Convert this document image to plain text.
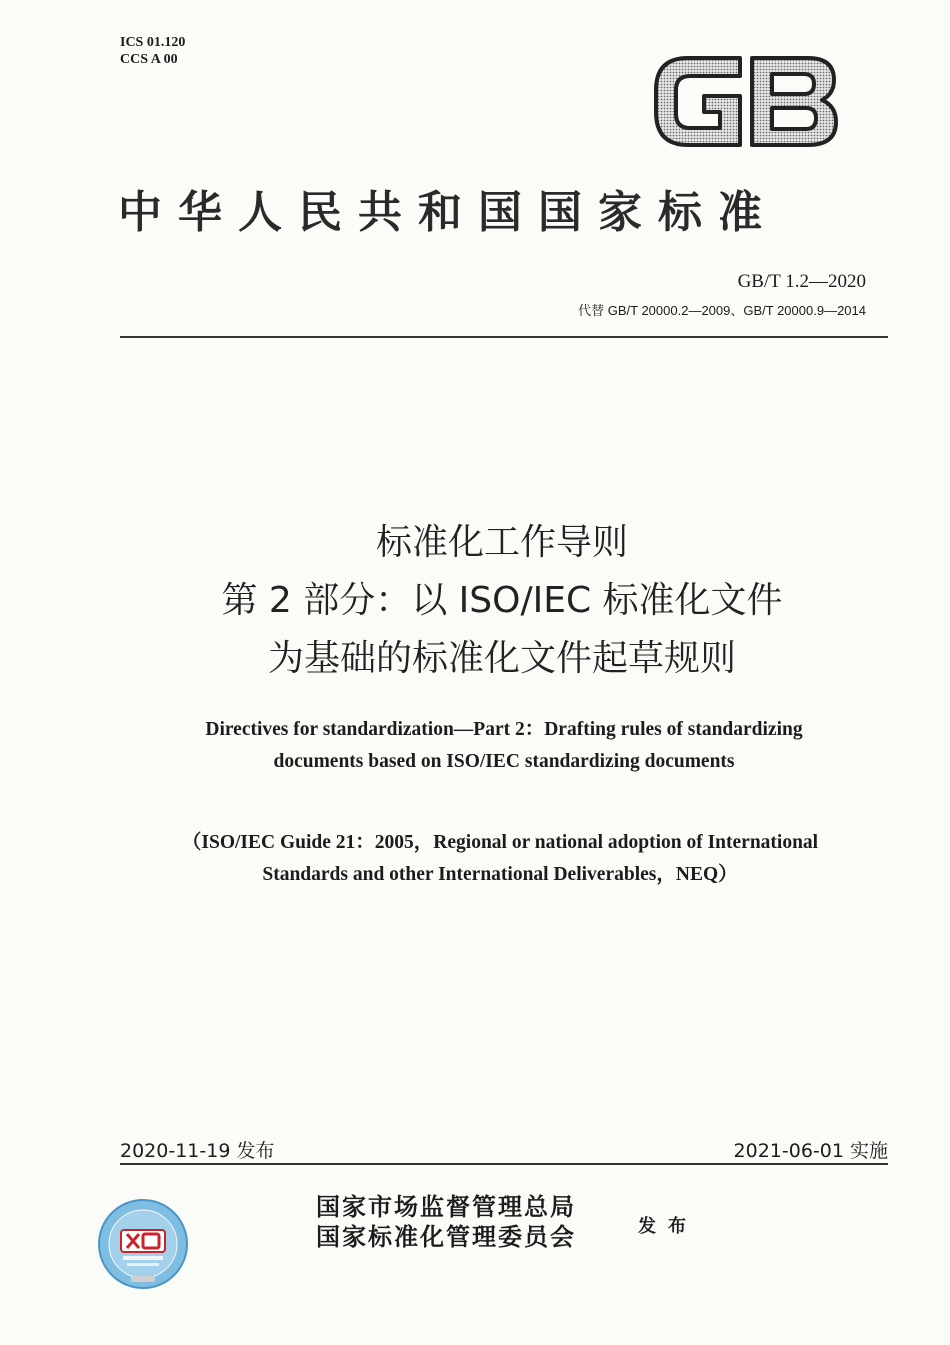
ICS 01.120
CCS A 00
中华人民共和国国家标准
GB/T 1.2—2020
代替 GB/T 20000.2—2009、GB/T 20000.9—2014
标准化工作导则
第 2 部分：以 ISO/IEC 标准化文件
为基础的标准化文件起草规则
Directives for standardization—Part 2：Drafting rules of standardizing
documents based on ISO/IEC standardizing documents
（ISO/IEC Guide 21：2005，Regional or national adoption of International
Standards and other International Deliverables，NEQ）
2020-11-19 发布	2021-06-01 实施
国家市场监督管理总局
国家标准化管理委员会	发布
